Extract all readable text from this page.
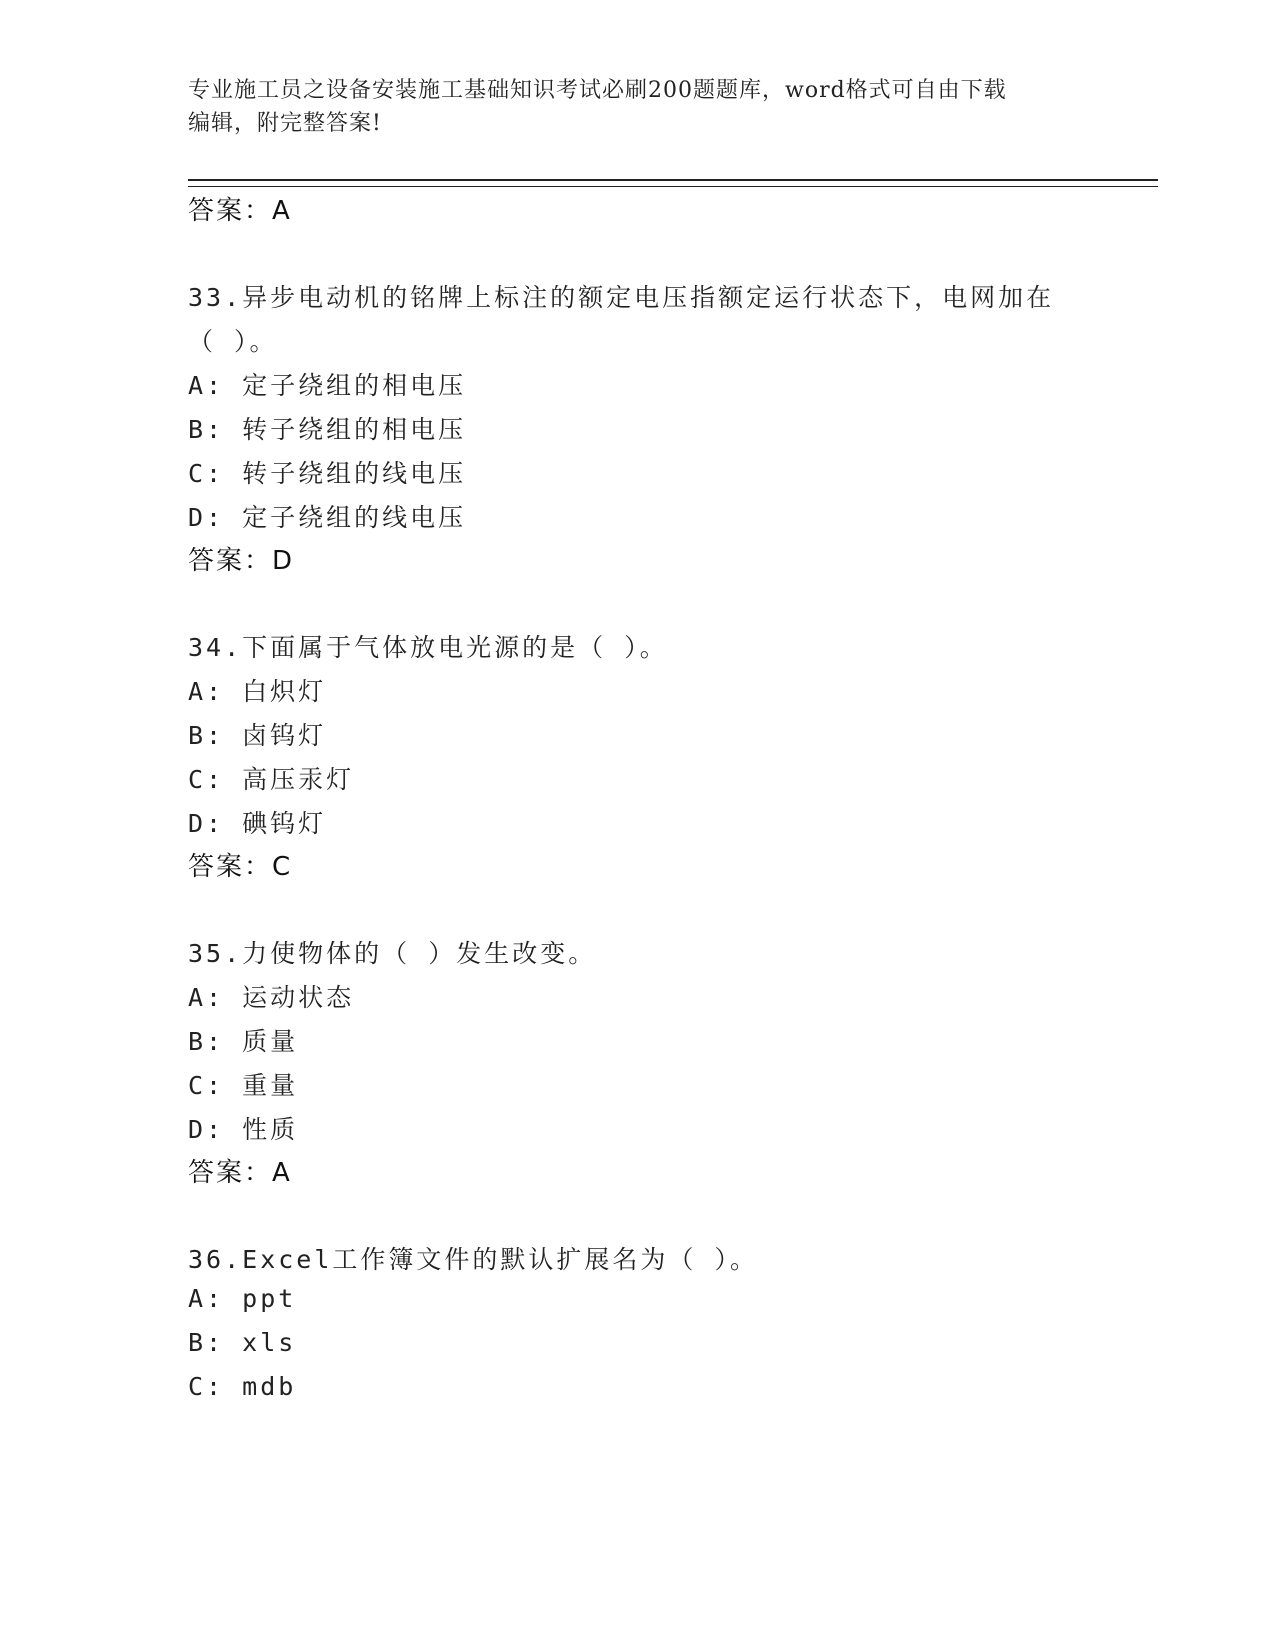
专业施工员之设备安装施工基础知识考试必刷200题题库，word格式可自由下载
编辑，附完整答案!
答案：A
33.异步电动机的铭牌上标注的额定电压指额定运行状态下，电网加在
（ ）。
A: 定子绕组的相电压
B: 转子绕组的相电压
C: 转子绕组的线电压
D: 定子绕组的线电压
答案：D
34.下面属于气体放电光源的是（ ）。
A: 白炽灯
B: 卤钨灯
C: 高压汞灯
D: 碘钨灯
答案：C
35.力使物体的（ ）发生改变。
A: 运动状态
B: 质量
C: 重量
D: 性质
答案：A
36.Excel工作簿文件的默认扩展名为（ ）。
A: ppt
B: xls
C: mdb
